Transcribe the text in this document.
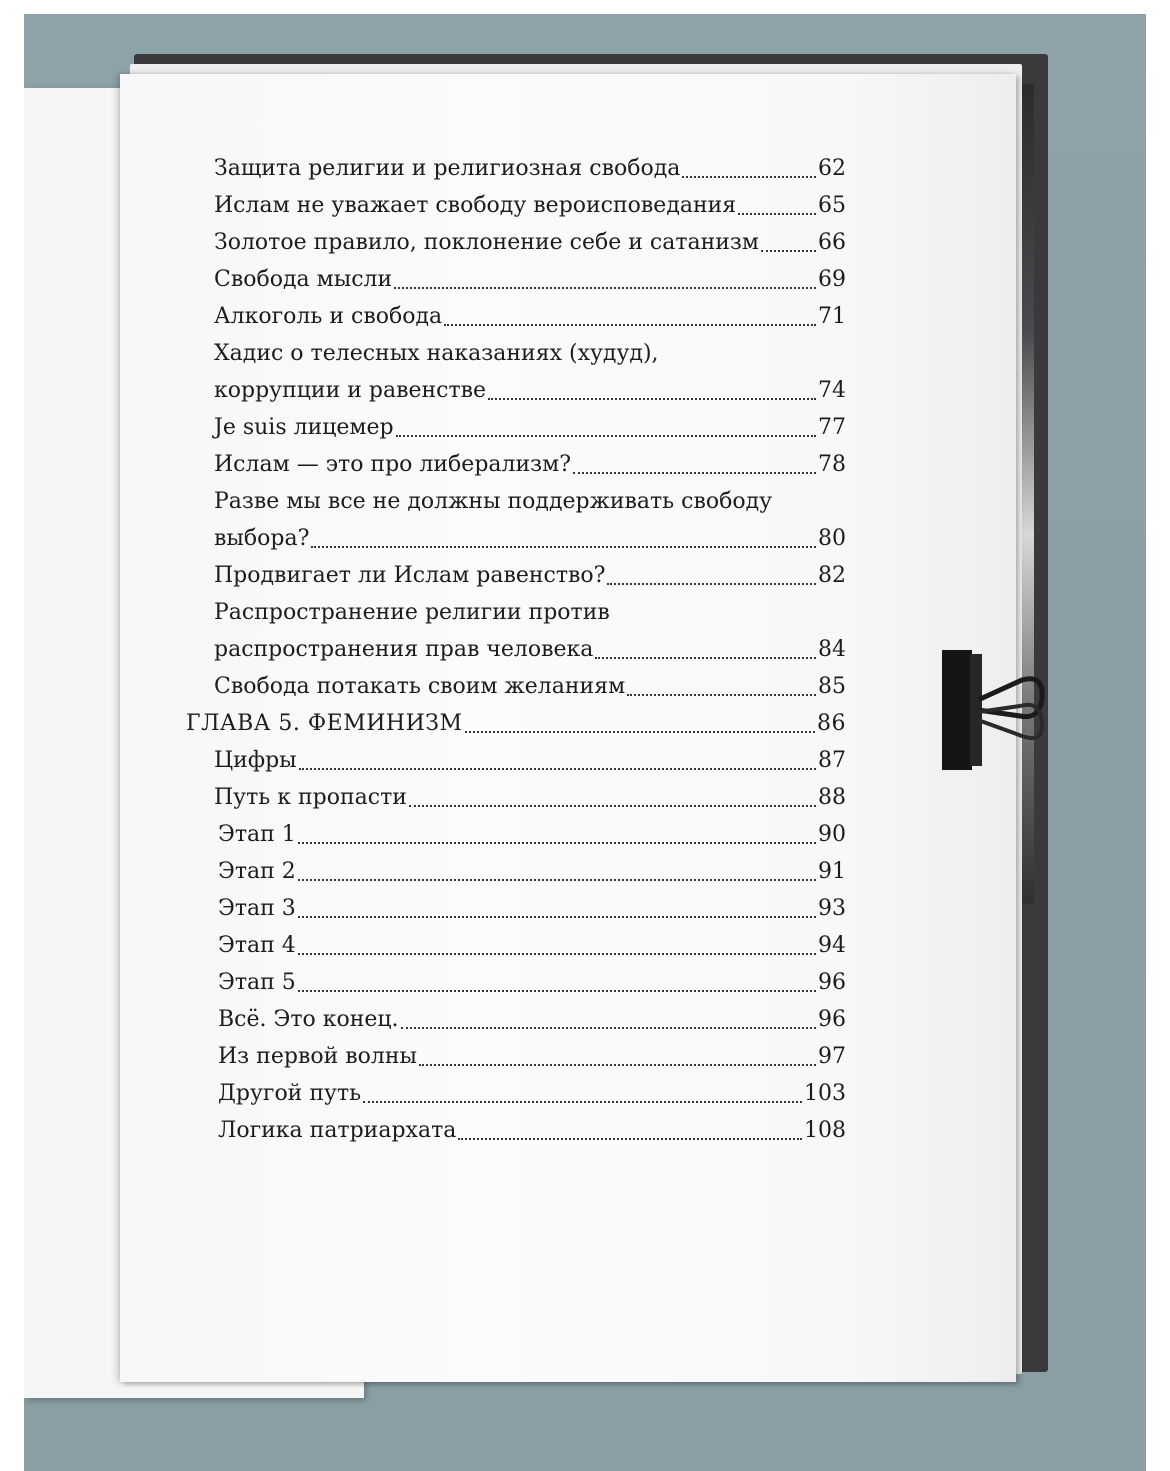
Защита религии и религиозная свобода	62
Ислам не уважает свободу вероисповедания	65
Золотое правило, поклонение себе и сатанизм	66
Свобода мысли	69
Алкоголь и свобода	71
Хадис о телесных наказаниях (худуд),
коррупции и равенстве	74
Je suis лицемер	77
Ислам — это про либерализм?	78
Разве мы все не должны поддерживать свободу
выбора?	80
Продвигает ли Ислам равенство?	82
Распространение религии против
распространения прав человека	84
Свобода потакать своим желаниям	85
ГЛАВА 5. ФЕМИНИЗМ	86
Цифры	87
Путь к пропасти	88
Этап 1	90
Этап 2	91
Этап 3	93
Этап 4	94
Этап 5	96
Всё. Это конец.	96
Из первой волны	97
Другой путь	103
Логика патриархата	108
